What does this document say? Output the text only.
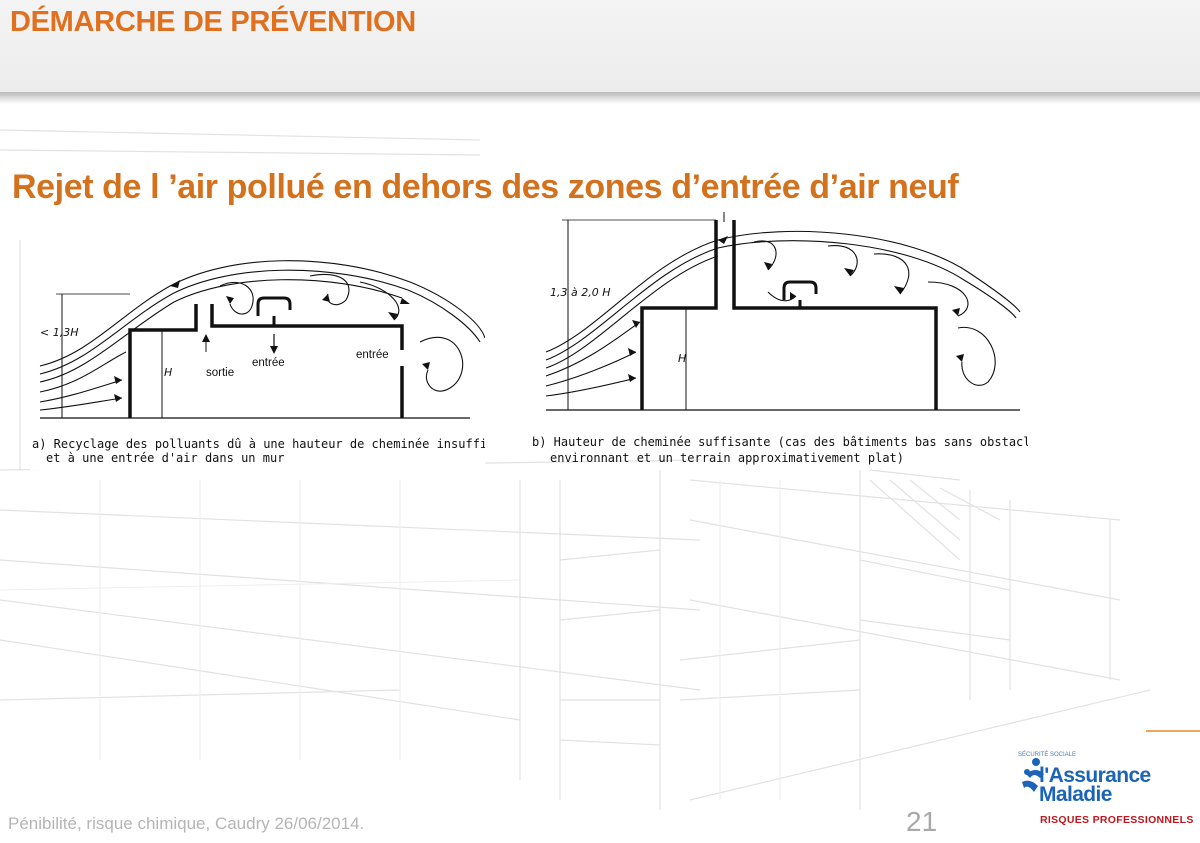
DÉMARCHE DE PRÉVENTION
Rejet de l ’air pollué en dehors des zones d’entrée d’air neuf
< 1,3H
H	sortie
entrée
entrée
a) Recyclage des polluants dû à une hauteur de cheminée insuffisante
et à une entrée d'air dans un mur
1,3 à 2,0 H
H
b) Hauteur de cheminée suffisante (cas des bâtiments bas sans obstacle
environnant et un terrain approximativement plat)
Pénibilité, risque chimique, Caudry 26/06/2014.	21
l'Assurance
Maladie
RISQUES PROFESSIONNELS
SÉCURITÉ SOCIALE
